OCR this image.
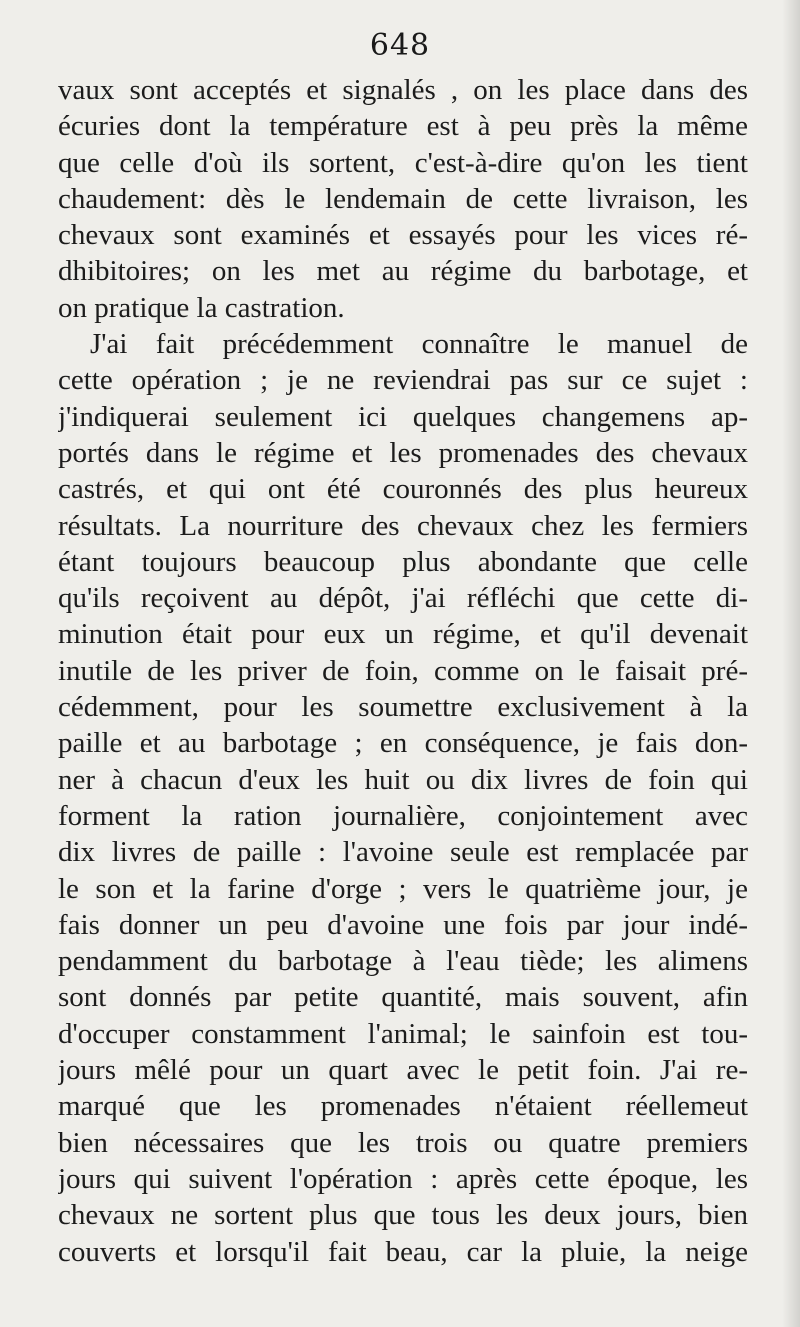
648
vaux sont acceptés et signalés , on les place dans des
écuries dont la température est à peu près la même
que celle d'où ils sortent, c'est-à-dire qu'on les tient
chaudement: dès le lendemain de cette livraison, les
chevaux sont examinés et essayés pour les vices ré-
dhibitoires; on les met au régime du barbotage, et
on pratique la castration.
J'ai fait précédemment connaître le manuel de
cette opération ; je ne reviendrai pas sur ce sujet :
j'indiquerai seulement ici quelques changemens ap-
portés dans le régime et les promenades des chevaux
castrés, et qui ont été couronnés des plus heureux
résultats. La nourriture des chevaux chez les fermiers
étant toujours beaucoup plus abondante que celle
qu'ils reçoivent au dépôt, j'ai réfléchi que cette di-
minution était pour eux un régime, et qu'il devenait
inutile de les priver de foin, comme on le faisait pré-
cédemment, pour les soumettre exclusivement à la
paille et au barbotage ; en conséquence, je fais don-
ner à chacun d'eux les huit ou dix livres de foin qui
forment la ration journalière, conjointement avec
dix livres de paille : l'avoine seule est remplacée par
le son et la farine d'orge ; vers le quatrième jour, je
fais donner un peu d'avoine une fois par jour indé-
pendamment du barbotage à l'eau tiède; les alimens
sont donnés par petite quantité, mais souvent, afin
d'occuper constamment l'animal; le sainfoin est tou-
jours mêlé pour un quart avec le petit foin. J'ai re-
marqué que les promenades n'étaient réellemeut
bien nécessaires que les trois ou quatre premiers
jours qui suivent l'opération : après cette époque, les
chevaux ne sortent plus que tous les deux jours, bien
couverts et lorsqu'il fait beau, car la pluie, la neige
